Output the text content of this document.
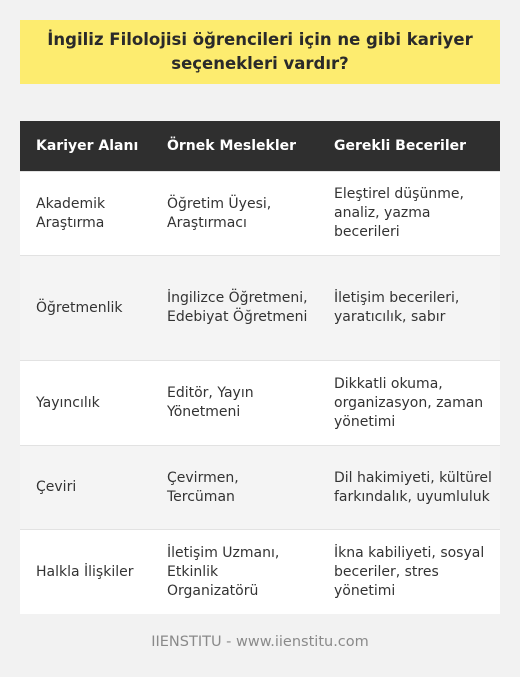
İngiliz Filolojisi öğrencileri için ne gibi kariyer seçenekleri vardır?
Kariyer Alanı	Örnek Meslekler	Gerekli Beceriler
Akademik Araştırma	Öğretim Üyesi, Araştırmacı	Eleştirel düşünme, analiz, yazma becerileri
Öğretmenlik	İngilizce Öğretmeni, Edebiyat Öğretmeni	İletişim becerileri, yaratıcılık, sabır
Yayıncılık	Editör, Yayın Yönetmeni	Dikkatli okuma, organizasyon, zaman yönetimi
Çeviri	Çevirmen, Tercüman	Dil hakimiyeti, kültürel farkındalık, uyumluluk
Halkla İlişkiler	İletişim Uzmanı, Etkinlik Organizatörü	İkna kabiliyeti, sosyal beceriler, stres yönetimi
IIENSTITU - www.iienstitu.com
